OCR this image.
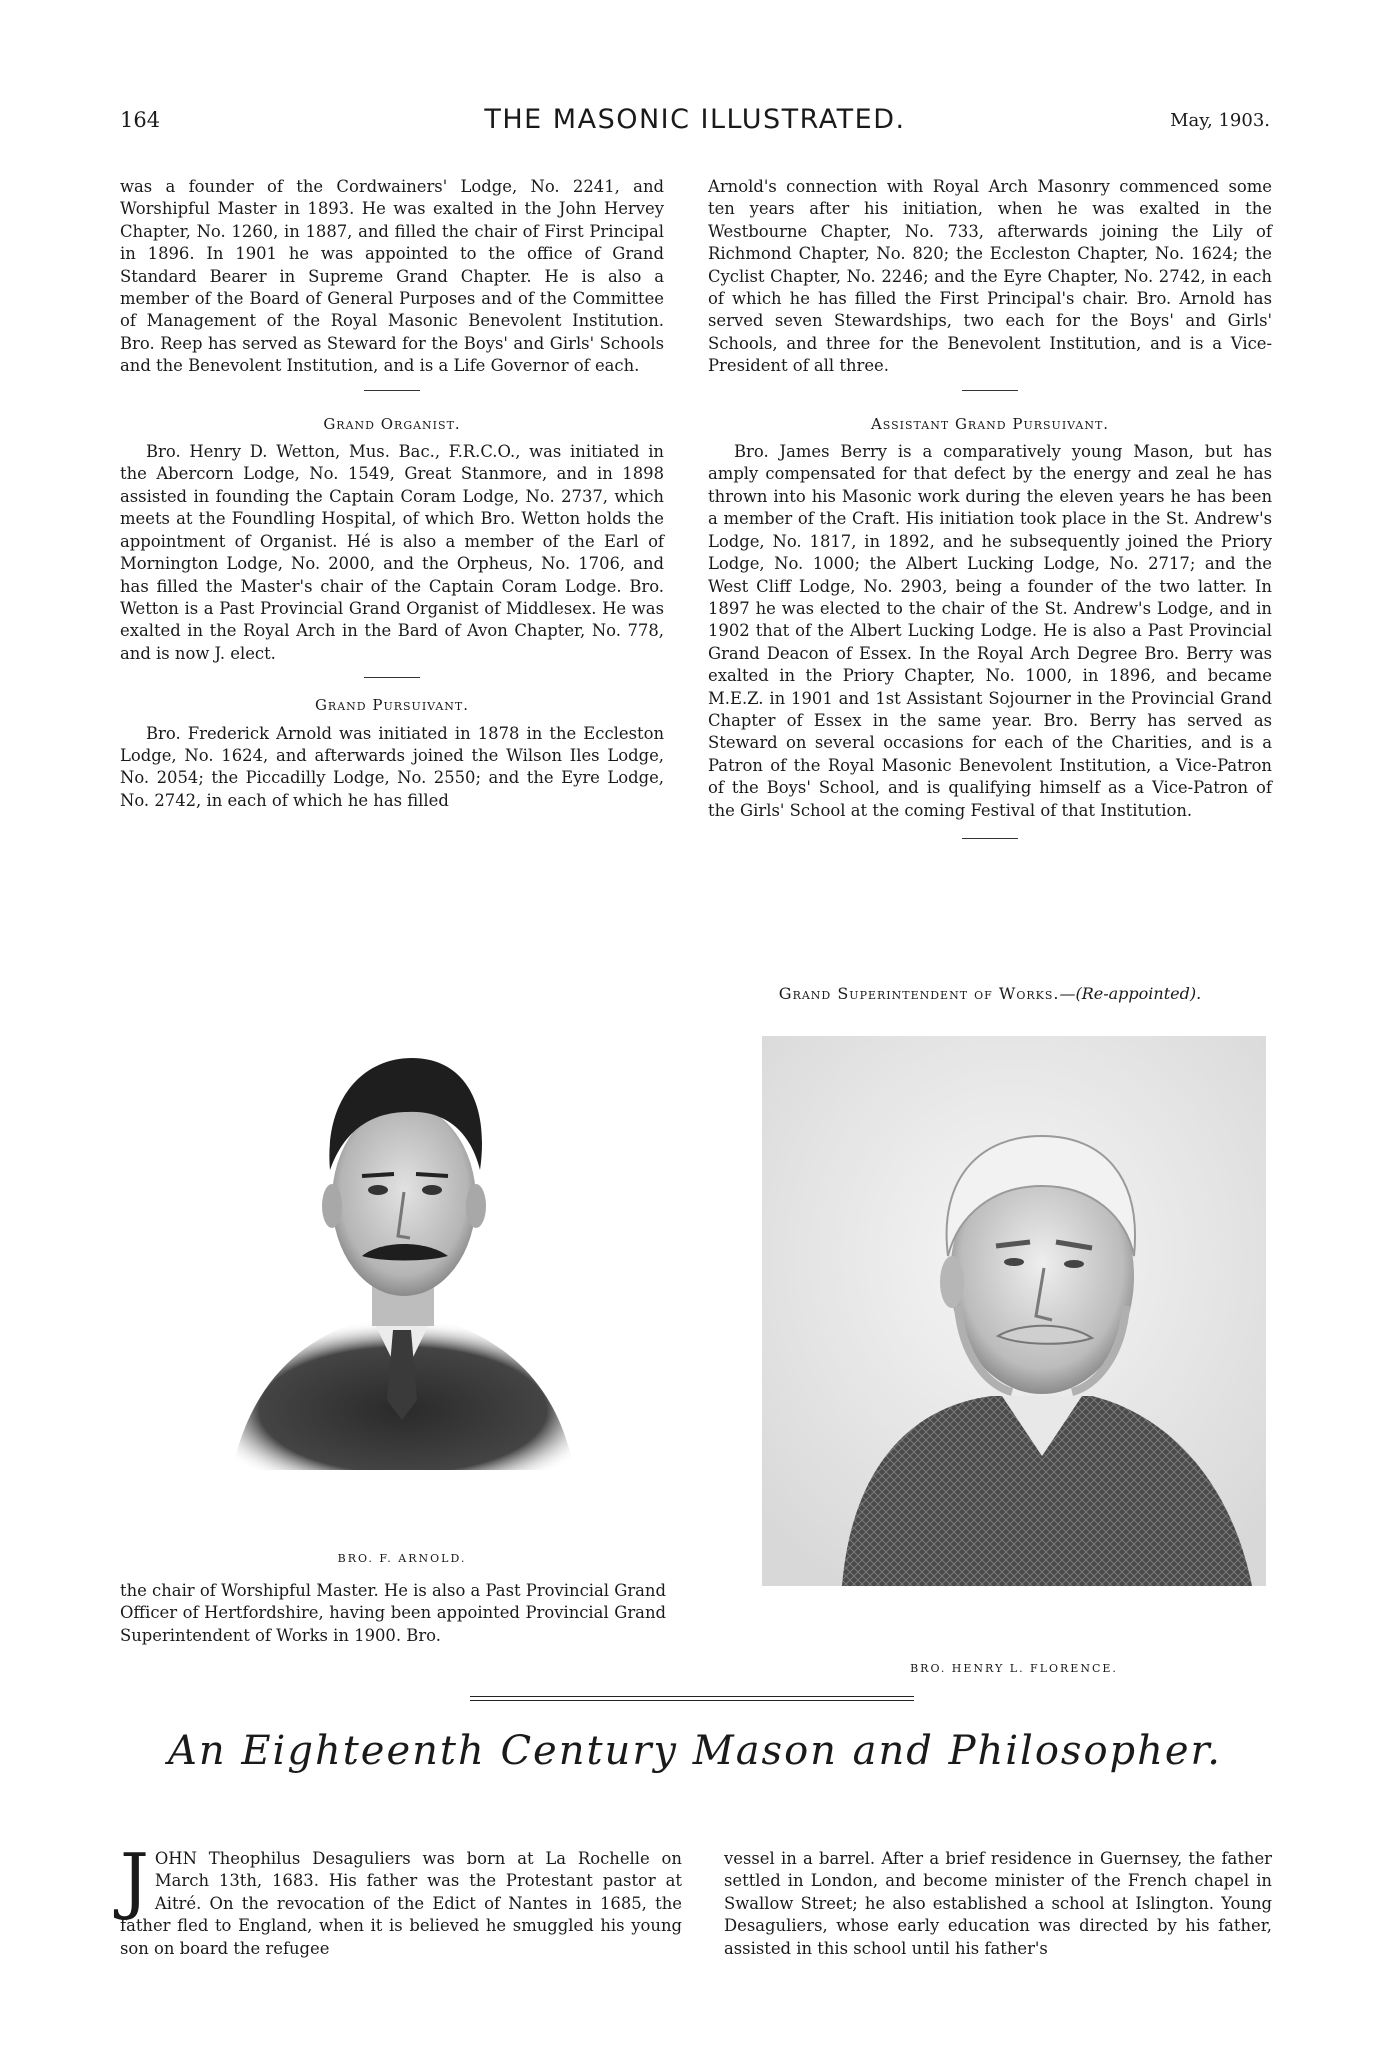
164	THE MASONIC ILLUSTRATED.	May, 1903.

was a founder of the Cordwainers' Lodge, No. 2241, and Worshipful Master in 1893. He was exalted in the John Hervey Chapter, No. 1260, in 1887, and filled the chair of First Principal in 1896. In 1901 he was appointed to the office of Grand Standard Bearer in Supreme Grand Chapter. He is also a member of the Board of General Purposes and of the Committee of Management of the Royal Masonic Benevolent Institution. Bro. Reep has served as Steward for the Boys' and Girls' Schools and the Benevolent Institution, and is a Life Governor of each.

Grand Organist.

Bro. Henry D. Wetton, Mus. Bac., F.R.C.O., was initiated in the Abercorn Lodge, No. 1549, Great Stanmore, and in 1898 assisted in founding the Captain Coram Lodge, No. 2737, which meets at the Foundling Hospital, of which Bro. Wetton holds the appointment of Organist. Hé is also a member of the Earl of Mornington Lodge, No. 2000, and the Orpheus, No. 1706, and has filled the Master's chair of the Captain Coram Lodge. Bro. Wetton is a Past Provincial Grand Organist of Middlesex. He was exalted in the Royal Arch in the Bard of Avon Chapter, No. 778, and is now J. elect.

Grand Pursuivant.

Bro. Frederick Arnold was initiated in 1878 in the Eccleston Lodge, No. 1624, and afterwards joined the Wilson Iles Lodge, No. 2054; the Piccadilly Lodge, No. 2550; and the Eyre Lodge, No. 2742, in each of which he has filled

Arnold's connection with Royal Arch Masonry commenced some ten years after his initiation, when he was exalted in the Westbourne Chapter, No. 733, afterwards joining the Lily of Richmond Chapter, No. 820; the Eccleston Chapter, No. 1624; the Cyclist Chapter, No. 2246; and the Eyre Chapter, No. 2742, in each of which he has filled the First Principal's chair. Bro. Arnold has served seven Stewardships, two each for the Boys' and Girls' Schools, and three for the Benevolent Institution, and is a Vice-President of all three.

Assistant Grand Pursuivant.

Bro. James Berry is a comparatively young Mason, but has amply compensated for that defect by the energy and zeal he has thrown into his Masonic work during the eleven years he has been a member of the Craft. His initiation took place in the St. Andrew's Lodge, No. 1817, in 1892, and he subsequently joined the Priory Lodge, No. 1000; the Albert Lucking Lodge, No. 2717; and the West Cliff Lodge, No. 2903, being a founder of the two latter. In 1897 he was elected to the chair of the St. Andrew's Lodge, and in 1902 that of the Albert Lucking Lodge. He is also a Past Provincial Grand Deacon of Essex. In the Royal Arch Degree Bro. Berry was exalted in the Priory Chapter, No. 1000, in 1896, and became M.E.Z. in 1901 and 1st Assistant Sojourner in the Provincial Grand Chapter of Essex in the same year. Bro. Berry has served as Steward on several occasions for each of the Charities, and is a Patron of the Royal Masonic Benevolent Institution, a Vice-Patron of the Boys' School, and is qualifying himself as a Vice-Patron of the Girls' School at the coming Festival of that Institution.

Grand Superintendent of Works.—(Re-appointed).
BRO. F. ARNOLD.
BRO. HENRY L. FLORENCE.
the chair of Worshipful Master. He is also a Past Provincial Grand Officer of Hertfordshire, having been appointed Provincial Grand Superintendent of Works in 1900. Bro.
An Eighteenth Century Mason and Philosopher.
JOHN Theophilus Desaguliers was born at La Rochelle on March 13th, 1683. His father was the Protestant pastor at Aitré. On the revocation of the Edict of Nantes in 1685, the father fled to England, when it is believed he smuggled his young son on board the refugee
vessel in a barrel. After a brief residence in Guernsey, the father settled in London, and become minister of the French chapel in Swallow Street; he also established a school at Islington. Young Desaguliers, whose early education was directed by his father, assisted in this school until his father's
